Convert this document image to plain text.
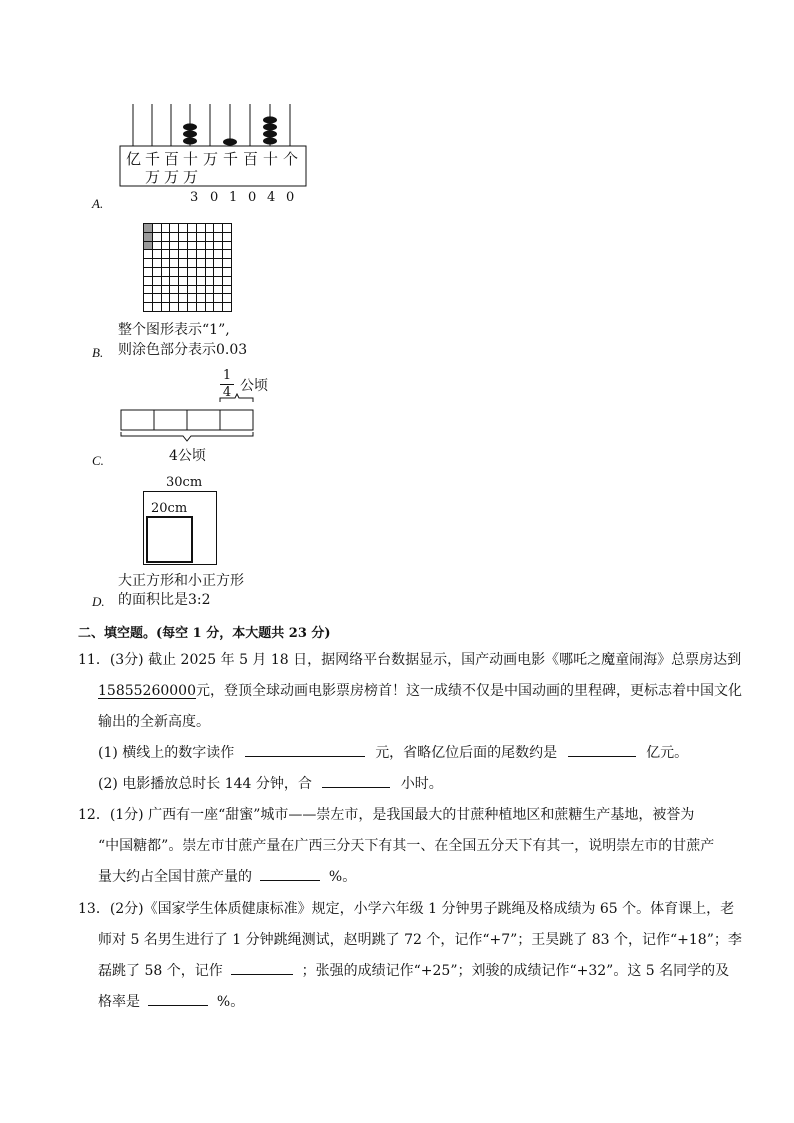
亿 千 百 十 万 千 百 十 个
万 万 万
3 0 1 0 4 0
A.
整个图形表示“1”,
则涂色部分表示0.03
B.
1
4 公顷
4公顷
C.
30cm
20cm
大正方形和小正方形
的面积比是3:2
D.
二、填空题。(每空 1 分，本大题共 23 分)
11．(3分) 截止 2025 年 5 月 18 日，据网络平台数据显示，国产动画电影《哪吒之魔童闹海》总票房达到
15855260000元，登顶全球动画电影票房榜首！这一成绩不仅是中国动画的里程碑，更标志着中国文化
输出的全新高度。
(1) 横线上的数字读作	元，省略亿位后面的尾数约是	亿元。
(2) 电影播放总时长 144 分钟，合	小时。
12．(1分) 广西有一座“甜蜜”城市——崇左市，是我国最大的甘蔗种植地区和蔗糖生产基地，被誉为
“中国糖都”。崇左市甘蔗产量在广西三分天下有其一、在全国五分天下有其一，说明崇左市的甘蔗产
量大约占全国甘蔗产量的	%。
13．(2分)《国家学生体质健康标准》规定，小学六年级 1 分钟男子跳绳及格成绩为 65 个。体育课上，老
师对 5 名男生进行了 1 分钟跳绳测试，赵明跳了 72 个，记作“+7”；王昊跳了 83 个，记作“+18”；李
磊跳了 58 个，记作	；张强的成绩记作“+25”；刘骏的成绩记作“+32”。这 5 名同学的及
格率是	%。
